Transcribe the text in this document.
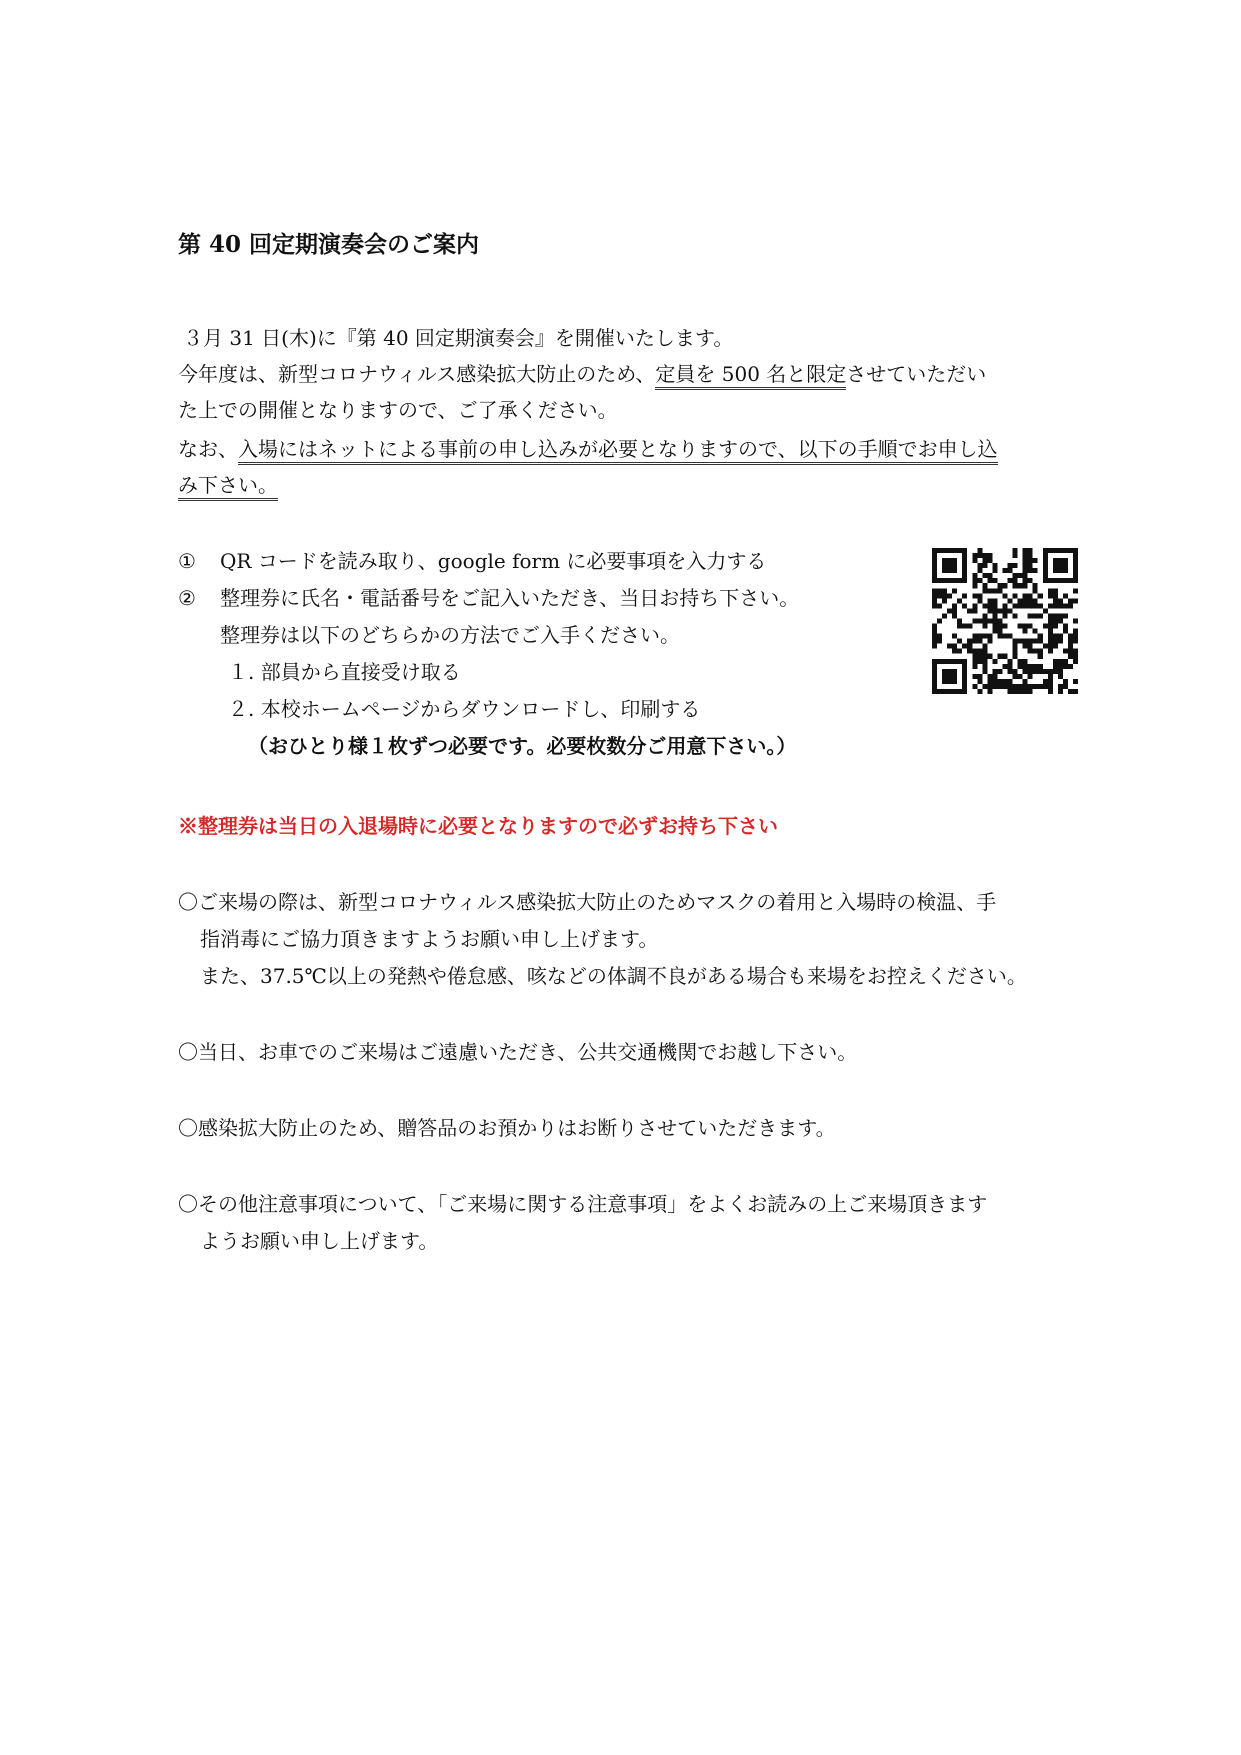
第 40 回定期演奏会のご案内
３月 31 日(木)に『第 40 回定期演奏会』を開催いたします。
今年度は、新型コロナウィルス感染拡大防止のため、定員を 500 名と限定させていただい
た上での開催となりますので、ご了承ください。
なお、入場にはネットによる事前の申し込みが必要となりますので、以下の手順でお申し込
み下さい。
① QR コードを読み取り、google form に必要事項を入力する
② 整理券に氏名・電話番号をご記入いただき、当日お持ち下さい。
整理券は以下のどちらかの方法でご入手ください。
１. 部員から直接受け取る
２. 本校ホームページからダウンロードし、印刷する
（おひとり様１枚ずつ必要です。必要枚数分ご用意下さい。）
※整理券は当日の入退場時に必要となりますので必ずお持ち下さい
〇ご来場の際は、新型コロナウィルス感染拡大防止のためマスクの着用と入場時の検温、手
指消毒にご協力頂きますようお願い申し上げます。
また、37.5℃以上の発熱や倦怠感、咳などの体調不良がある場合も来場をお控えください。
〇当日、お車でのご来場はご遠慮いただき、公共交通機関でお越し下さい。
〇感染拡大防止のため、贈答品のお預かりはお断りさせていただきます。
〇その他注意事項について、「ご来場に関する注意事項」をよくお読みの上ご来場頂きます
ようお願い申し上げます。
